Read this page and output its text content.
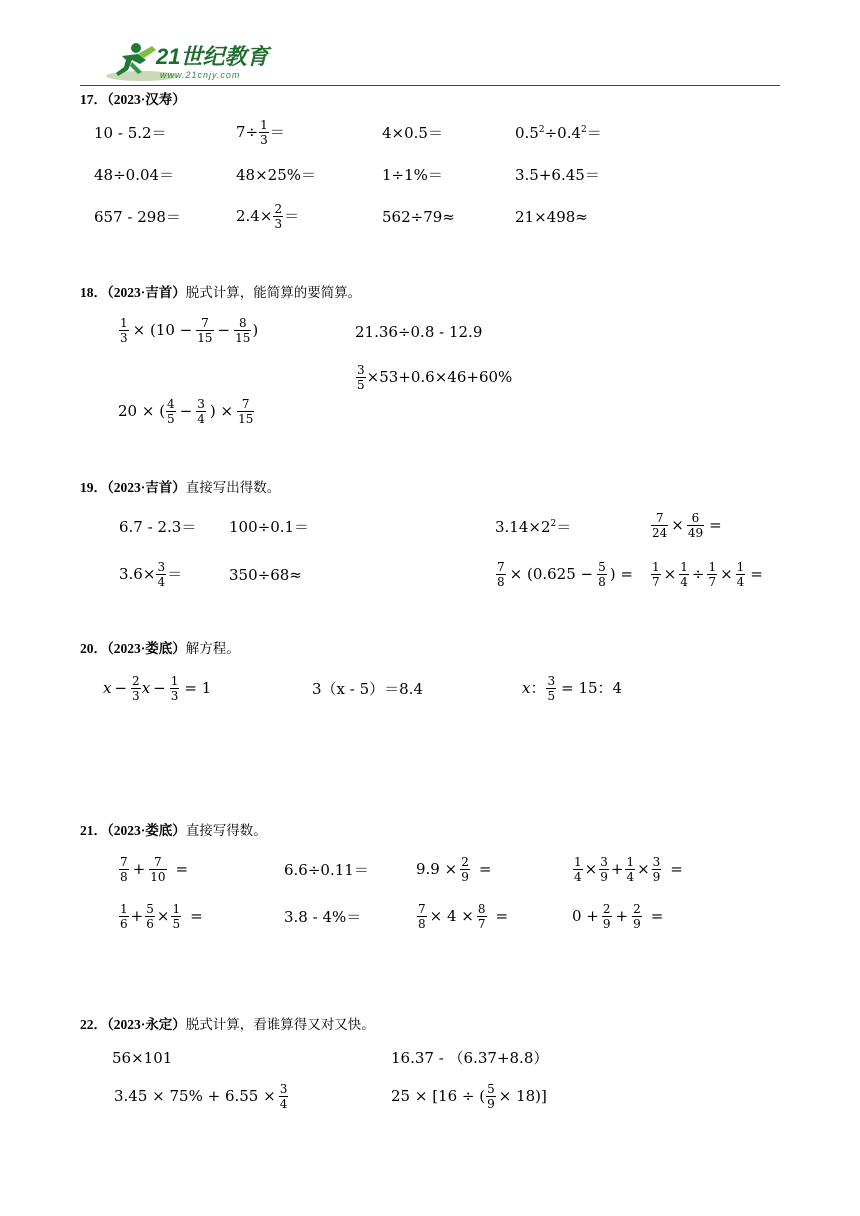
21世纪教育
www.21cnjy.com
17．（2023·汉寿）
10 - 5.2＝	$7\div \frac{1}{3}$ ＝	4×0.5＝	$0.5^2\div 0.4^2=$
48÷0.04＝	48×25%＝	1÷1%＝	3.5+6.45＝
657 - 298＝	$2.4\times \frac{2}{3}$ ＝	562÷79≈	21×498≈
18．（2023·吉首）脱式计算，能简算的要简算。
$\frac{1}{3} \times (10 - \frac{7}{15} - \frac{8}{15}$ )	21.36÷0.8 - 12.9
$\frac{3}{5} \times 53+0.6\times 46+60\%$
20 × ( $\frac{4}{5} - \frac{3}{4}$ ) × $\frac{7}{15}$
19．（2023·吉首）直接写出得数。
6.7 - 2.3＝ 100÷0.1＝	$3.14\times 2^2=$	$\frac{7}{24} \times \frac{6}{49}$ =
$3.6\times \frac{3}{4}$ ＝	350÷68≈	$\frac{7}{8} \times (0.625 - \frac{5}{8}$ ) = $\frac{1}{7} \times \frac{1}{4} \div \frac{1}{7} \times \frac{1}{4}$ =
20．（2023·娄底）解方程。
$x - \frac{2}{3}$ $x - \frac{1}{3} = 1$	3（x - 5）＝8.4	x ： $\frac{3}{5} = 15$：4
21．（2023·娄底）直接写得数。
$\frac{7}{8} + \frac{7}{10}$ =	6.6÷0.11＝	$9.9 \times \frac{2}{9}$ =	$\frac{1}{4} \times \frac{3}{9} + \frac{1}{4} \times \frac{3}{9}$ =
$\frac{1}{6} + \frac{5}{6} \times \frac{1}{5}$ =	3.8 - 4%＝	$\frac{7}{8} \times 4 \times \frac{8}{7}$ =	$0 + \frac{2}{9} + \frac{2}{9}$ =
22．（2023·永定）脱式计算，看谁算得又对又快。
56×101	16.37 - （6.37+8.8）
$3.45 \times 75\% + 6.55 \times \frac{3}{4}$	25 × [16 ÷ ( $\frac{5}{9} \times 18$)]
